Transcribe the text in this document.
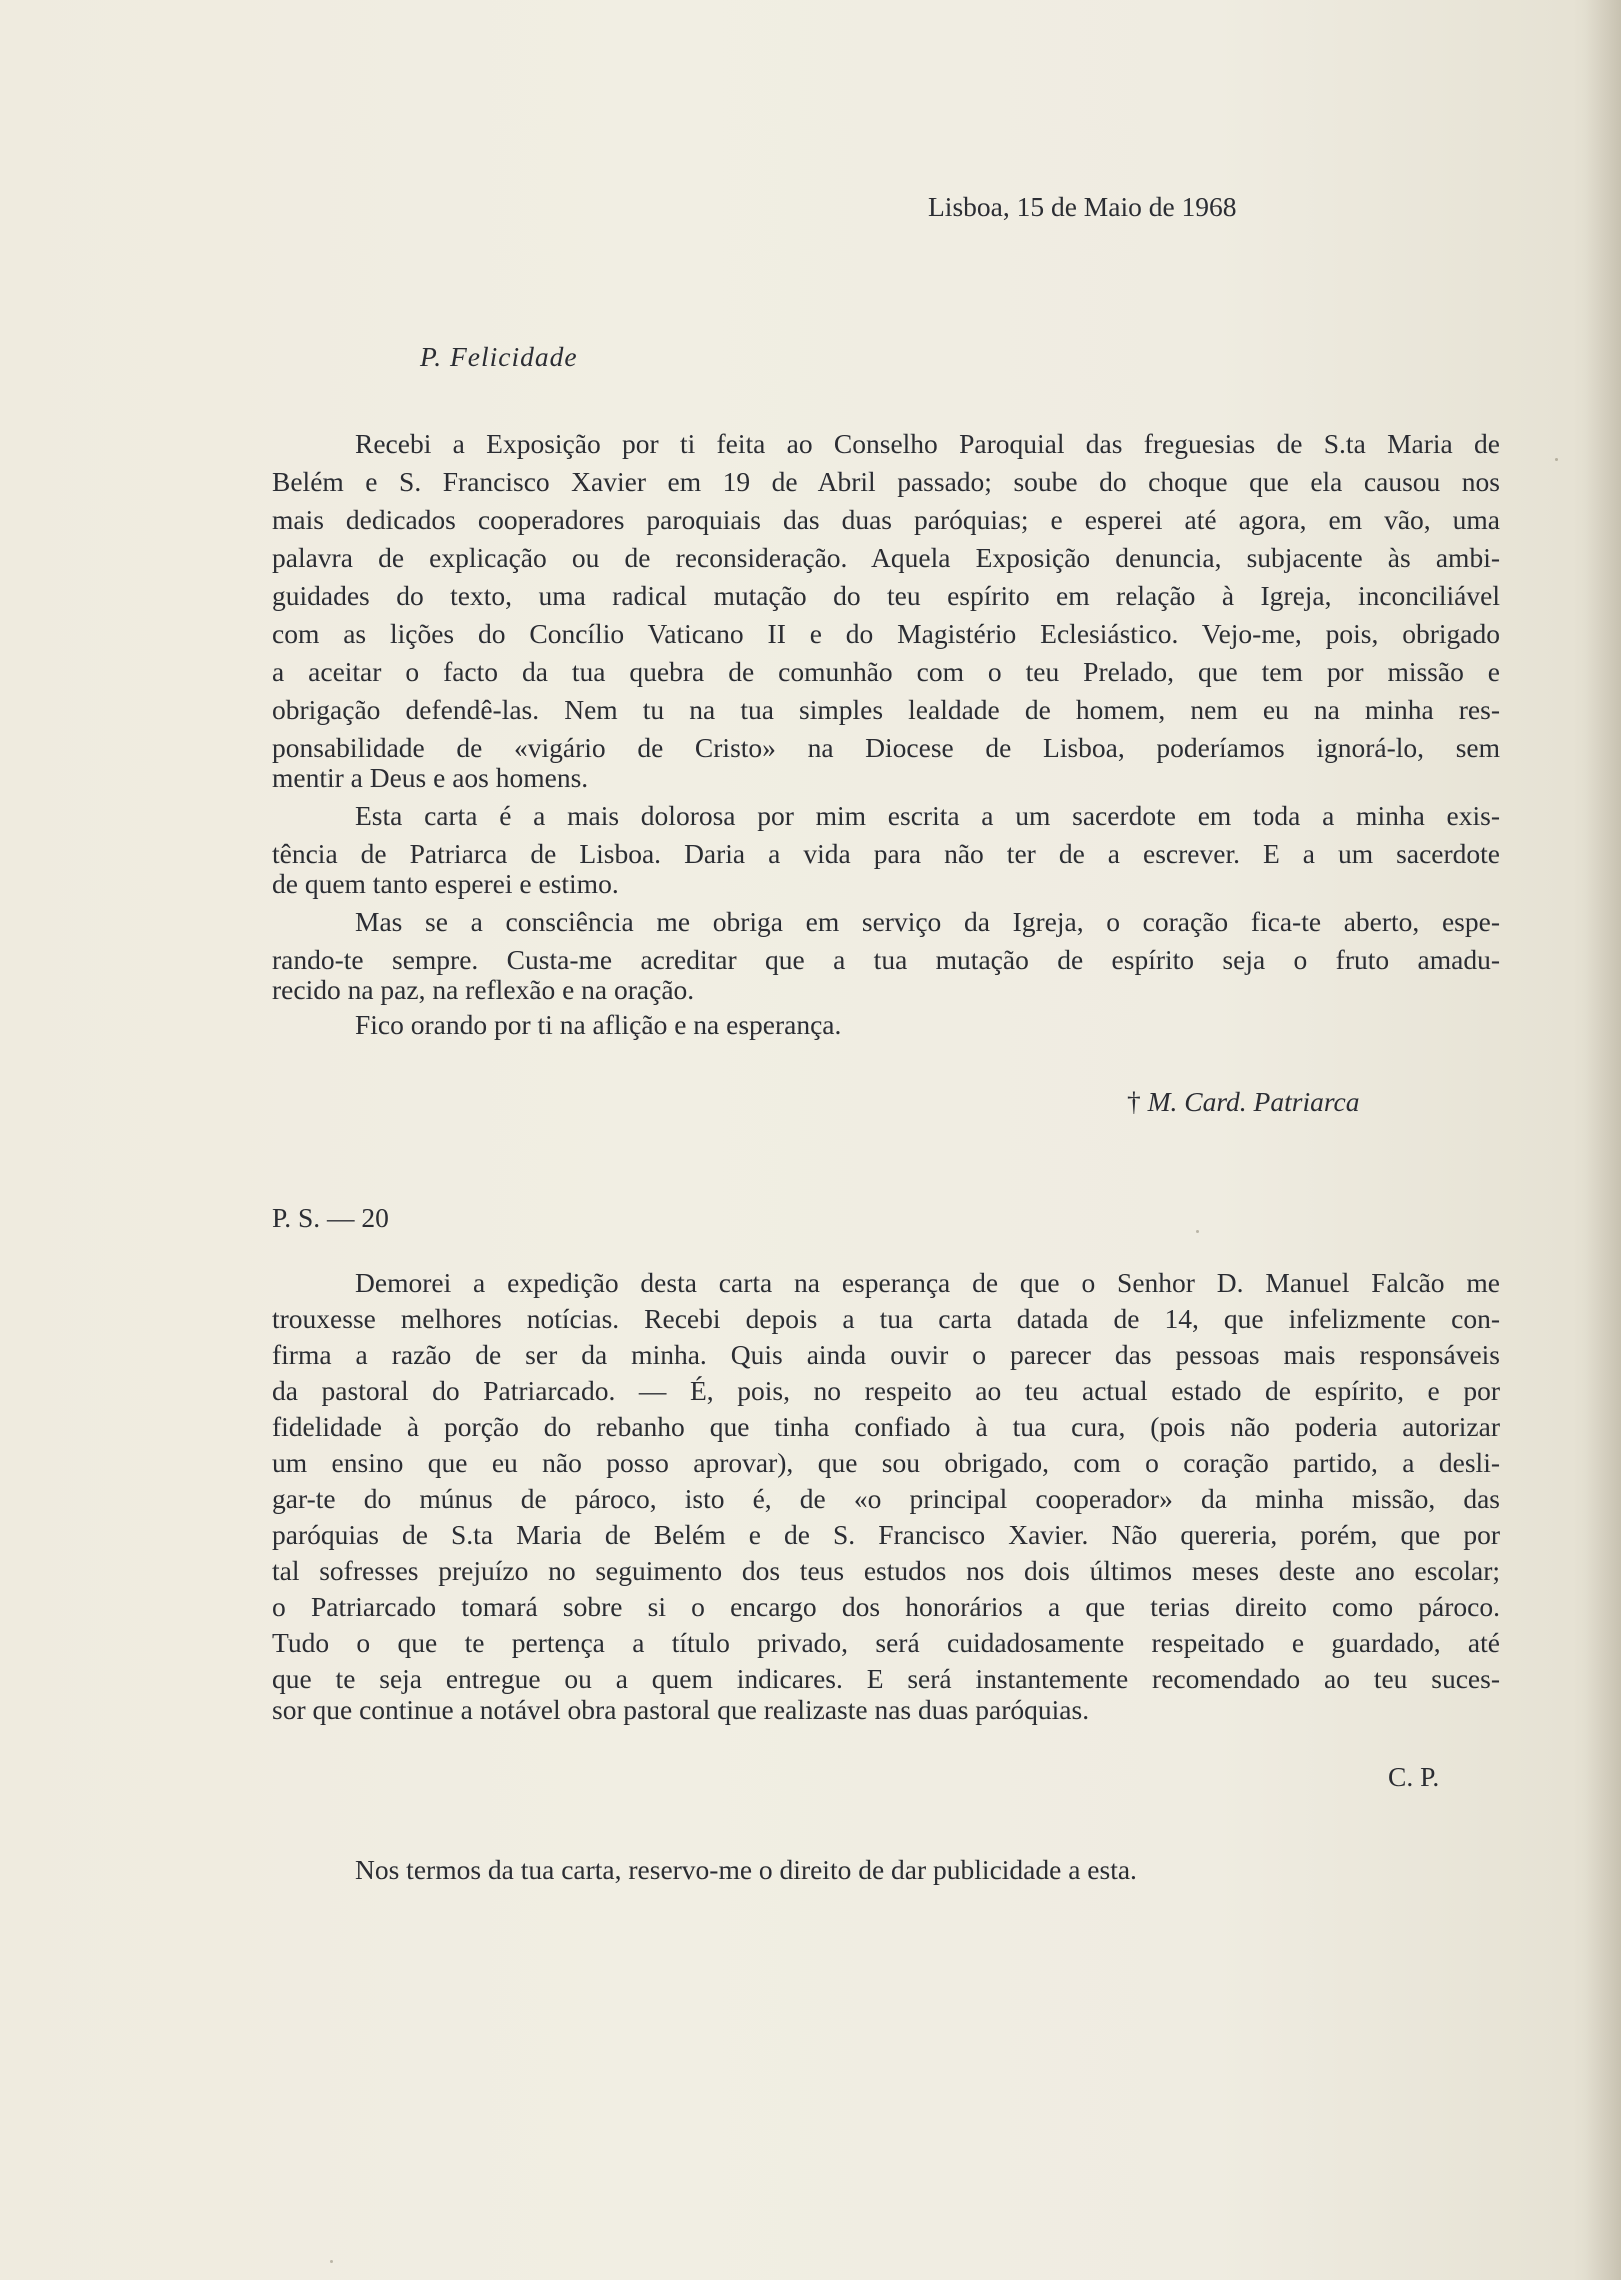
Lisboa, 15 de Maio de 1968
P. Felicidade
Recebi a Exposição por ti feita ao Conselho Paroquial das freguesias de S.ta Maria de
Belém e S. Francisco Xavier em 19 de Abril passado; soube do choque que ela causou nos
mais dedicados cooperadores paroquiais das duas paróquias; e esperei até agora, em vão, uma
palavra de explicação ou de reconsideração. Aquela Exposição denuncia, subjacente às ambi-
guidades do texto, uma radical mutação do teu espírito em relação à Igreja, inconciliável
com as lições do Concílio Vaticano II e do Magistério Eclesiástico. Vejo-me, pois, obrigado
a aceitar o facto da tua quebra de comunhão com o teu Prelado, que tem por missão e
obrigação defendê-las. Nem tu na tua simples lealdade de homem, nem eu na minha res-
ponsabilidade de «vigário de Cristo» na Diocese de Lisboa, poderíamos ignorá-lo, sem
mentir a Deus e aos homens.
Esta carta é a mais dolorosa por mim escrita a um sacerdote em toda a minha exis-
tência de Patriarca de Lisboa. Daria a vida para não ter de a escrever. E a um sacerdote
de quem tanto esperei e estimo.
Mas se a consciência me obriga em serviço da Igreja, o coração fica-te aberto, espe-
rando-te sempre. Custa-me acreditar que a tua mutação de espírito seja o fruto amadu-
recido na paz, na reflexão e na oração.
Fico orando por ti na aflição e na esperança.
† M. Card. Patriarca
P. S. — 20
Demorei a expedição desta carta na esperança de que o Senhor D. Manuel Falcão me
trouxesse melhores notícias. Recebi depois a tua carta datada de 14, que infelizmente con-
firma a razão de ser da minha. Quis ainda ouvir o parecer das pessoas mais responsáveis
da pastoral do Patriarcado. — É, pois, no respeito ao teu actual estado de espírito, e por
fidelidade à porção do rebanho que tinha confiado à tua cura, (pois não poderia autorizar
um ensino que eu não posso aprovar), que sou obrigado, com o coração partido, a desli-
gar-te do múnus de pároco, isto é, de «o principal cooperador» da minha missão, das
paróquias de S.ta Maria de Belém e de S. Francisco Xavier. Não quereria, porém, que por
tal sofresses prejuízo no seguimento dos teus estudos nos dois últimos meses deste ano escolar;
o Patriarcado tomará sobre si o encargo dos honorários a que terias direito como pároco.
Tudo o que te pertença a título privado, será cuidadosamente respeitado e guardado, até
que te seja entregue ou a quem indicares. E será instantemente recomendado ao teu suces-
sor que continue a notável obra pastoral que realizaste nas duas paróquias.
C. P.
Nos termos da tua carta, reservo-me o direito de dar publicidade a esta.
